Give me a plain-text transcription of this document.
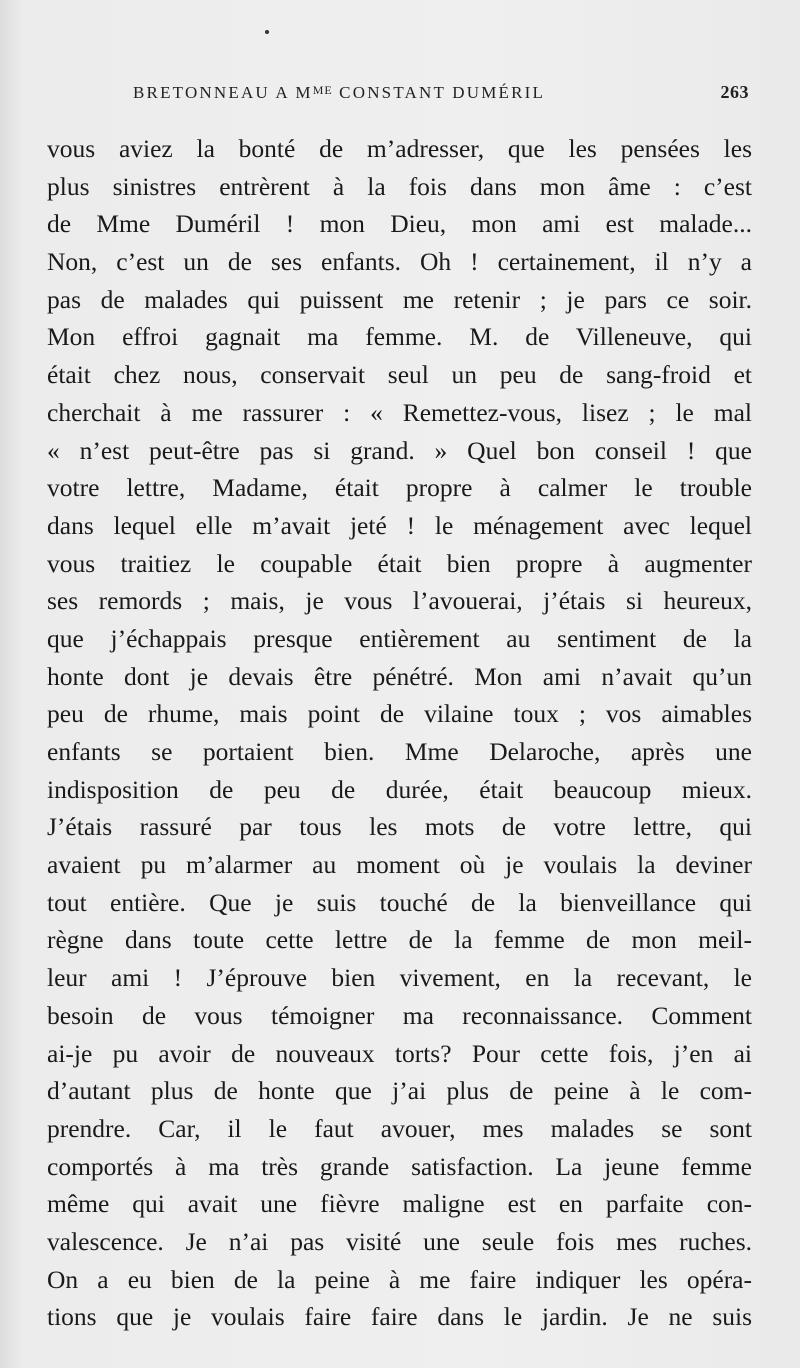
BRETONNEAU A $M^{ME}$ CONSTANT DUMÉRIL	263
vous aviez la bonté de m’adresser, que les pensées les
plus sinistres entrèrent à la fois dans mon âme : c’est
de Mme Duméril ! mon Dieu, mon ami est malade...
Non, c’est un de ses enfants. Oh ! certainement, il n’y a
pas de malades qui puissent me retenir ; je pars ce soir.
Mon effroi gagnait ma femme. M. de Villeneuve, qui
était chez nous, conservait seul un peu de sang-froid et
cherchait à me rassurer : « Remettez-vous, lisez ; le mal
« n’est peut-être pas si grand. » Quel bon conseil ! que
votre lettre, Madame, était propre à calmer le trouble
dans lequel elle m’avait jeté ! le ménagement avec lequel
vous traitiez le coupable était bien propre à augmenter
ses remords ; mais, je vous l’avouerai, j’étais si heureux,
que j’échappais presque entièrement au sentiment de la
honte dont je devais être pénétré. Mon ami n’avait qu’un
peu de rhume, mais point de vilaine toux ; vos aimables
enfants se portaient bien. Mme Delaroche, après une
indisposition de peu de durée, était beaucoup mieux.
J’étais rassuré par tous les mots de votre lettre, qui
avaient pu m’alarmer au moment où je voulais la deviner
tout entière. Que je suis touché de la bienveillance qui
règne dans toute cette lettre de la femme de mon meil-
leur ami ! J’éprouve bien vivement, en la recevant, le
besoin de vous témoigner ma reconnaissance. Comment
ai-je pu avoir de nouveaux torts? Pour cette fois, j’en ai
d’autant plus de honte que j’ai plus de peine à le com-
prendre. Car, il le faut avouer, mes malades se sont
comportés à ma très grande satisfaction. La jeune femme
même qui avait une fièvre maligne est en parfaite con-
valescence. Je n’ai pas visité une seule fois mes ruches.
On a eu bien de la peine à me faire indiquer les opéra-
tions que je voulais faire faire dans le jardin. Je ne suis
